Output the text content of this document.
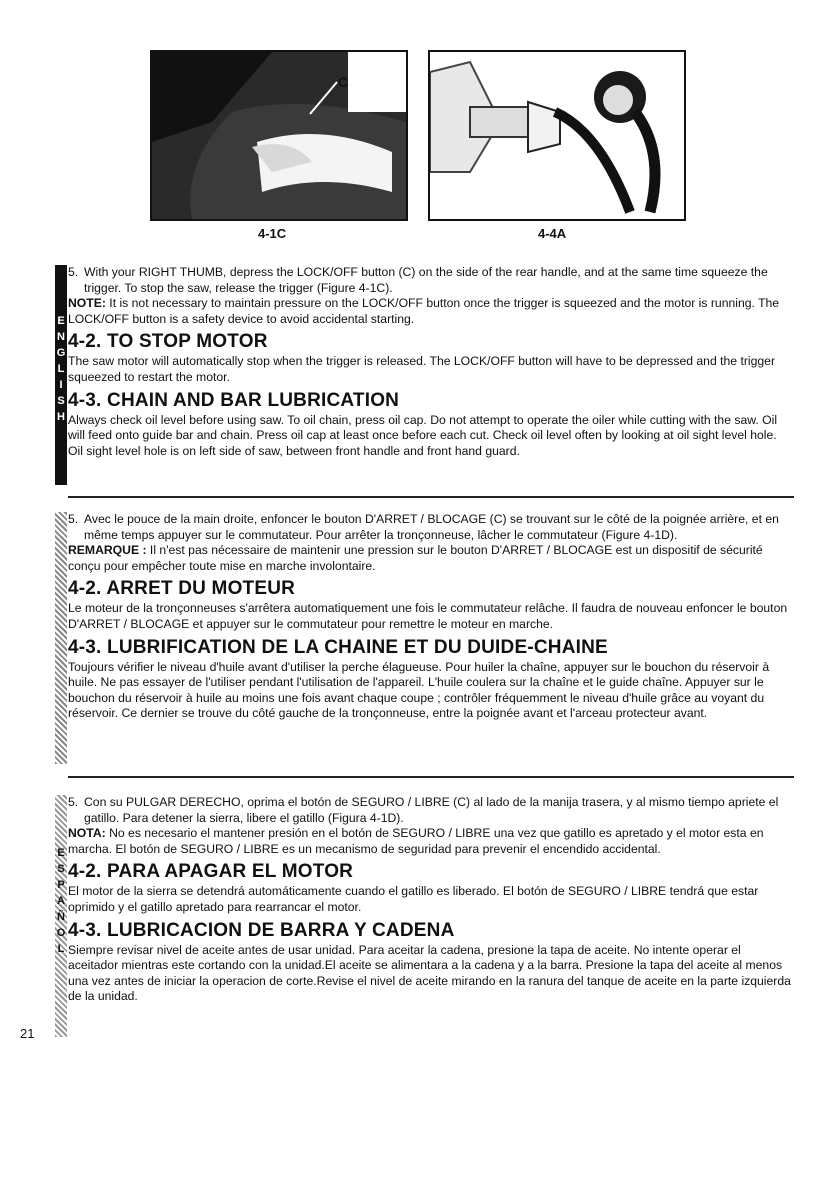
C
4-1C	4-4A
E
N
G
L
I
S
H

5. With your RIGHT THUMB, depress the LOCK/OFF button (C) on the side of the rear handle, and at the same time squeeze the trigger. To stop the saw, release the trigger (Figure 4-1C).

NOTE: It is not necessary to maintain pressure on the LOCK/OFF button once the trigger is squeezed and the motor is running. The LOCK/OFF button is a safety device to avoid accidental starting.

4-2. TO STOP MOTOR

The saw motor will automatically stop when the trigger is released. The LOCK/OFF button will have to be depressed and the trigger squeezed to restart the motor.

4-3. CHAIN AND BAR LUBRICATION

Always check oil level before using saw. To oil chain, press oil cap. Do not attempt to operate the oiler while cutting with the saw. Oil will feed onto guide bar and chain. Press oil cap at least once before each cut. Check oil level often by looking at oil sight level hole. Oil sight level hole is on left side of saw, between front handle and front hand guard.

5. Avec le pouce de la main droite, enfoncer le bouton D'ARRET / BLOCAGE (C) se trouvant sur le côté de la poignée arrière, et en même temps appuyer sur le commutateur. Pour arrêter la tronçonneuse, lâcher le commutateur (Figure 4-1D).

REMARQUE : Il n'est pas nécessaire de maintenir une pression sur le bouton D'ARRET / BLOCAGE est un dispositif de sécurité conçu pour empêcher toute mise en marche involontaire.

4-2. ARRET DU MOTEUR

Le moteur de la tronçonneuses s'arrêtera automatiquement une fois le commutateur relâche. Il faudra de nouveau enfoncer le bouton D'ARRET / BLOCAGE et appuyer sur le commutateur pour remettre le moteur en marche.

4-3. LUBRIFICATION DE LA CHAINE ET DU DUIDE-CHAINE

Toujours vérifier le niveau d'huile avant d'utiliser la perche élagueuse. Pour huiler la chaîne, appuyer sur le bouchon du réservoir à huile. Ne pas essayer de l'utiliser pendant l'utilisation de l'appareil. L'huile coulera sur la chaîne et le guide chaîne. Appuyer sur le bouchon du réservoir à huile au moins une fois avant chaque coupe ; contrôler fréquemment le niveau d'huile grâce au voyant du réservoir. Ce dernier se trouve du côté gauche de la tronçonneuse, entre la poignée avant et l'arceau protecteur avant.

E
S
P
A
Ñ
O
L

5. Con su PULGAR DERECHO, oprima el botón de SEGURO / LIBRE (C) al lado de la manija trasera, y al mismo tiempo apriete el gatillo. Para detener la sierra, libere el gatillo (Figura 4-1D).

NOTA: No es necesario el mantener presión en el botón de SEGURO / LIBRE una vez que gatillo es apretado y el motor esta en marcha. El botón de SEGURO / LIBRE es un mecanismo de seguridad para prevenir el encendido accidental.

4-2. PARA APAGAR EL MOTOR

El motor de la sierra se detendrá automáticamente cuando el gatillo es liberado. El botón de SEGURO / LIBRE tendrá que estar oprimido y el gatillo apretado para rearrancar el motor.

4-3. LUBRICACION DE BARRA Y CADENA

Siempre revisar nivel de aceite antes de usar unidad. Para aceitar la cadena, presione la tapa de aceite. No intente operar el aceitador mientras este cortando con la unidad.El aceite se alimentara a la cadena y a la barra. Presione la tapa del aceite al menos una vez antes de iniciar la operacion de corte.Revise el nivel de aceite mirando en la ranura del tanque de aceite en la parte izquierda de la unidad.

21
